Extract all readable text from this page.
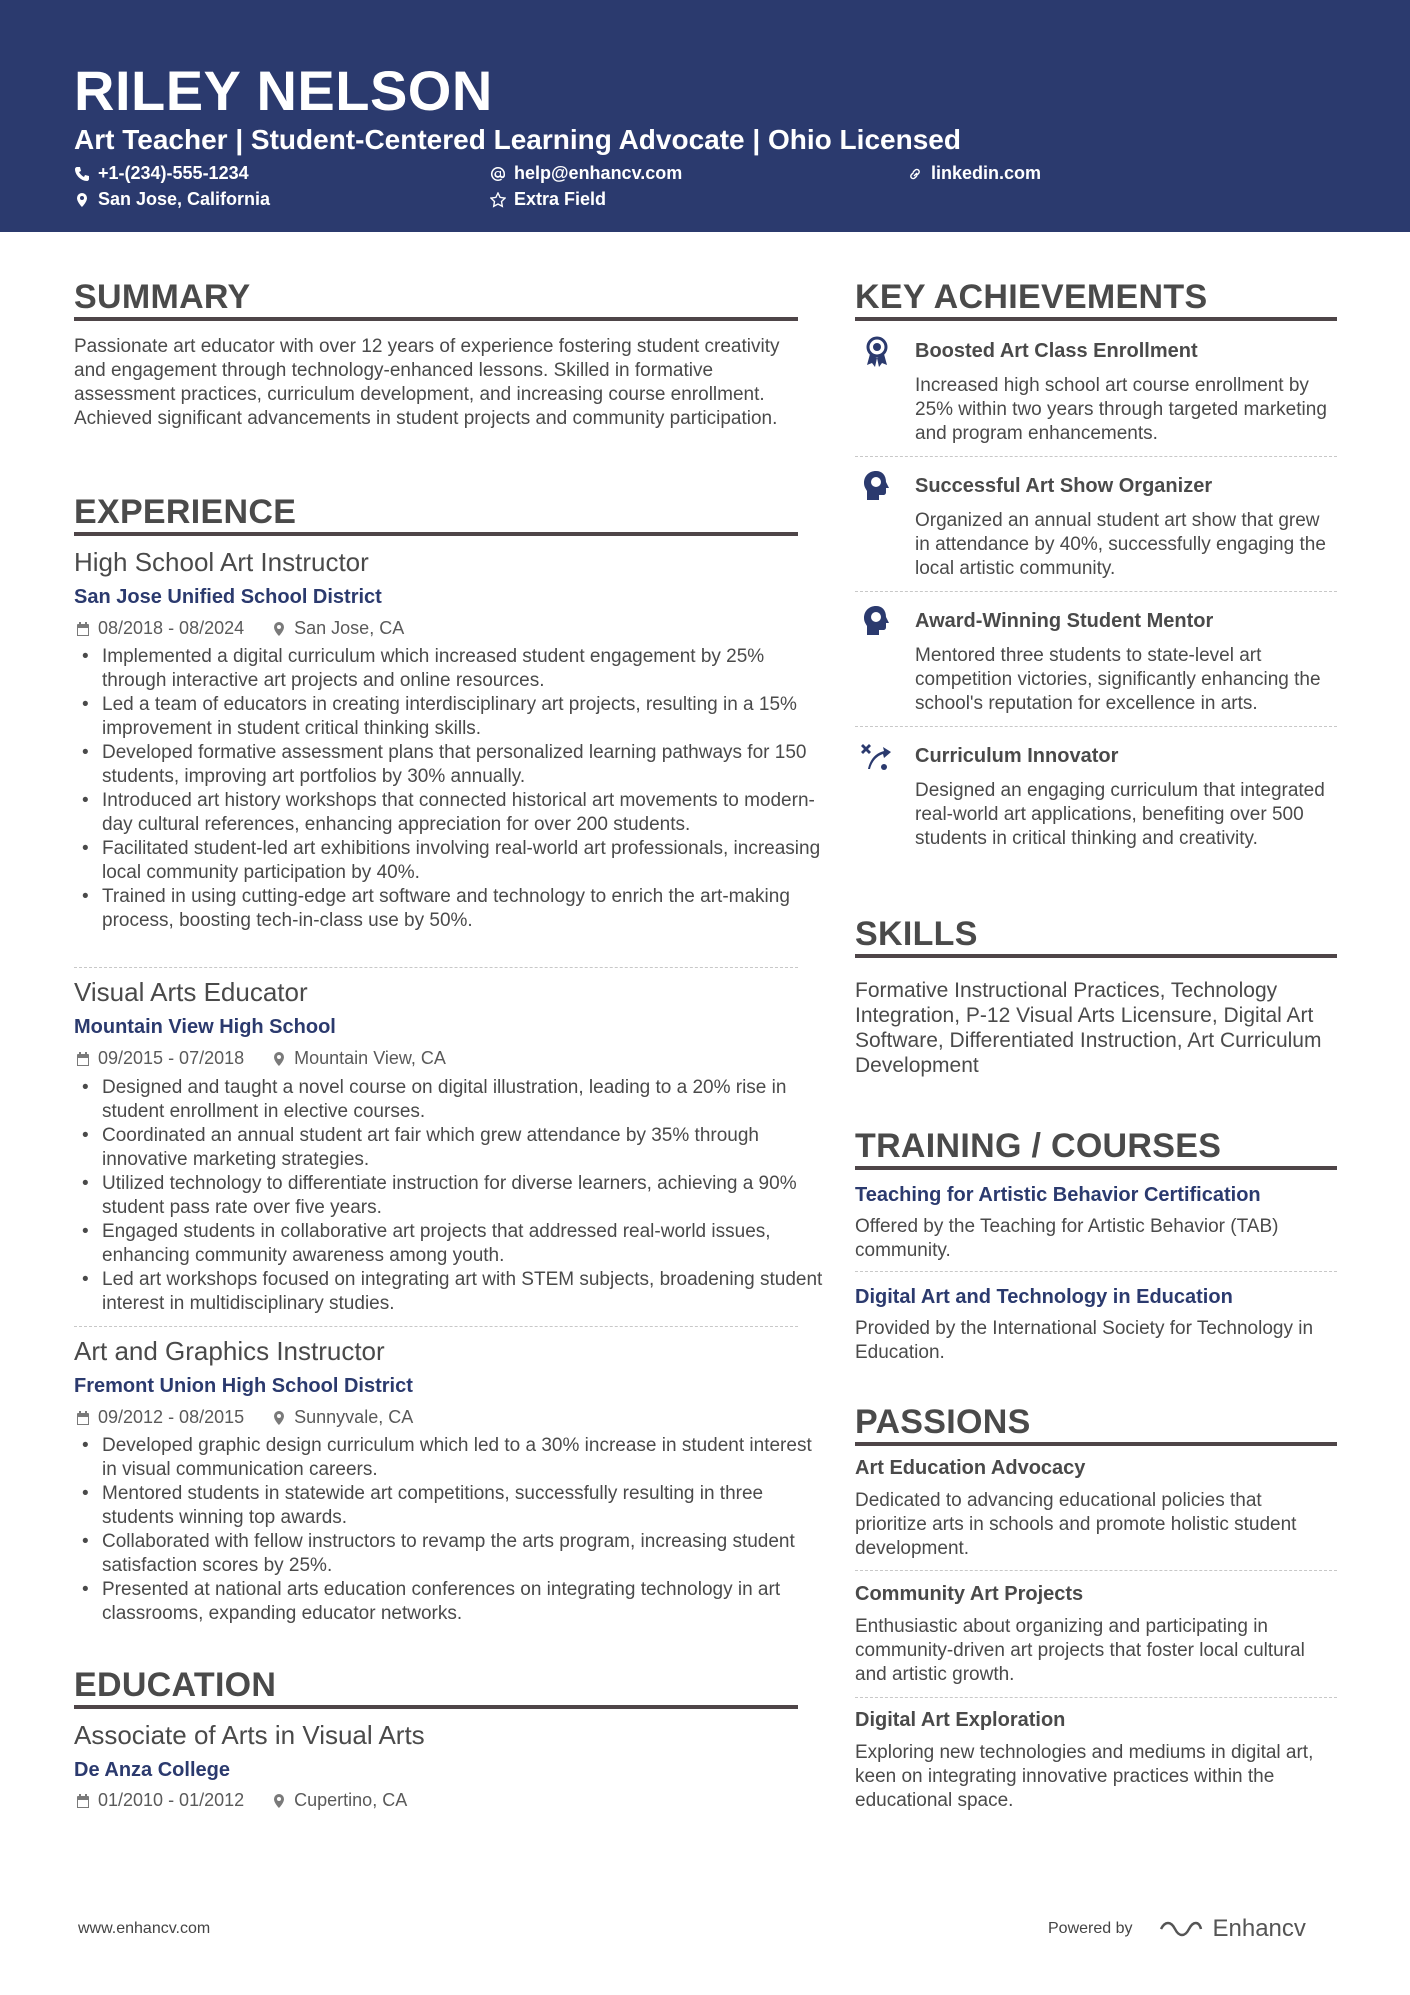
RILEY NELSON
Art Teacher | Student-Centered Learning Advocate | Ohio Licensed
+1-(234)-555-1234	help@enhancv.com	linkedin.com
San Jose, California	Extra Field
SUMMARY
Passionate art educator with over 12 years of experience fostering student creativity and engagement through technology-enhanced lessons. Skilled in formative assessment practices, curriculum development, and increasing course enrollment. Achieved significant advancements in student projects and community participation.
EXPERIENCE
High School Art Instructor
San Jose Unified School District
08/2018 - 08/2024	San Jose, CA
• Implemented a digital curriculum which increased student engagement by 25% through interactive art projects and online resources.
• Led a team of educators in creating interdisciplinary art projects, resulting in a 15% improvement in student critical thinking skills.
• Developed formative assessment plans that personalized learning pathways for 150 students, improving art portfolios by 30% annually.
• Introduced art history workshops that connected historical art movements to modern-day cultural references, enhancing appreciation for over 200 students.
• Facilitated student-led art exhibitions involving real-world art professionals, increasing local community participation by 40%.
• Trained in using cutting-edge art software and technology to enrich the art-making process, boosting tech-in-class use by 50%.
Visual Arts Educator
Mountain View High School
09/2015 - 07/2018	Mountain View, CA
• Designed and taught a novel course on digital illustration, leading to a 20% rise in student enrollment in elective courses.
• Coordinated an annual student art fair which grew attendance by 35% through innovative marketing strategies.
• Utilized technology to differentiate instruction for diverse learners, achieving a 90% student pass rate over five years.
• Engaged students in collaborative art projects that addressed real-world issues, enhancing community awareness among youth.
• Led art workshops focused on integrating art with STEM subjects, broadening student interest in multidisciplinary studies.
Art and Graphics Instructor
Fremont Union High School District
09/2012 - 08/2015	Sunnyvale, CA
• Developed graphic design curriculum which led to a 30% increase in student interest in visual communication careers.
• Mentored students in statewide art competitions, successfully resulting in three students winning top awards.
• Collaborated with fellow instructors to revamp the arts program, increasing student satisfaction scores by 25%.
• Presented at national arts education conferences on integrating technology in art classrooms, expanding educator networks.
EDUCATION
Associate of Arts in Visual Arts
De Anza College
01/2010 - 01/2012	Cupertino, CA
KEY ACHIEVEMENTS
Boosted Art Class Enrollment
Increased high school art course enrollment by 25% within two years through targeted marketing and program enhancements.
Successful Art Show Organizer
Organized an annual student art show that grew in attendance by 40%, successfully engaging the local artistic community.
Award-Winning Student Mentor
Mentored three students to state-level art competition victories, significantly enhancing the school's reputation for excellence in arts.
Curriculum Innovator
Designed an engaging curriculum that integrated real-world art applications, benefiting over 500 students in critical thinking and creativity.
SKILLS
Formative Instructional Practices, Technology Integration, P-12 Visual Arts Licensure, Digital Art Software, Differentiated Instruction, Art Curriculum Development
TRAINING / COURSES
Teaching for Artistic Behavior Certification
Offered by the Teaching for Artistic Behavior (TAB) community.
Digital Art and Technology in Education
Provided by the International Society for Technology in Education.
PASSIONS
Art Education Advocacy
Dedicated to advancing educational policies that prioritize arts in schools and promote holistic student development.
Community Art Projects
Enthusiastic about organizing and participating in community-driven art projects that foster local cultural and artistic growth.
Digital Art Exploration
Exploring new technologies and mediums in digital art, keen on integrating innovative practices within the educational space.
www.enhancv.com	Powered by	Enhancv
